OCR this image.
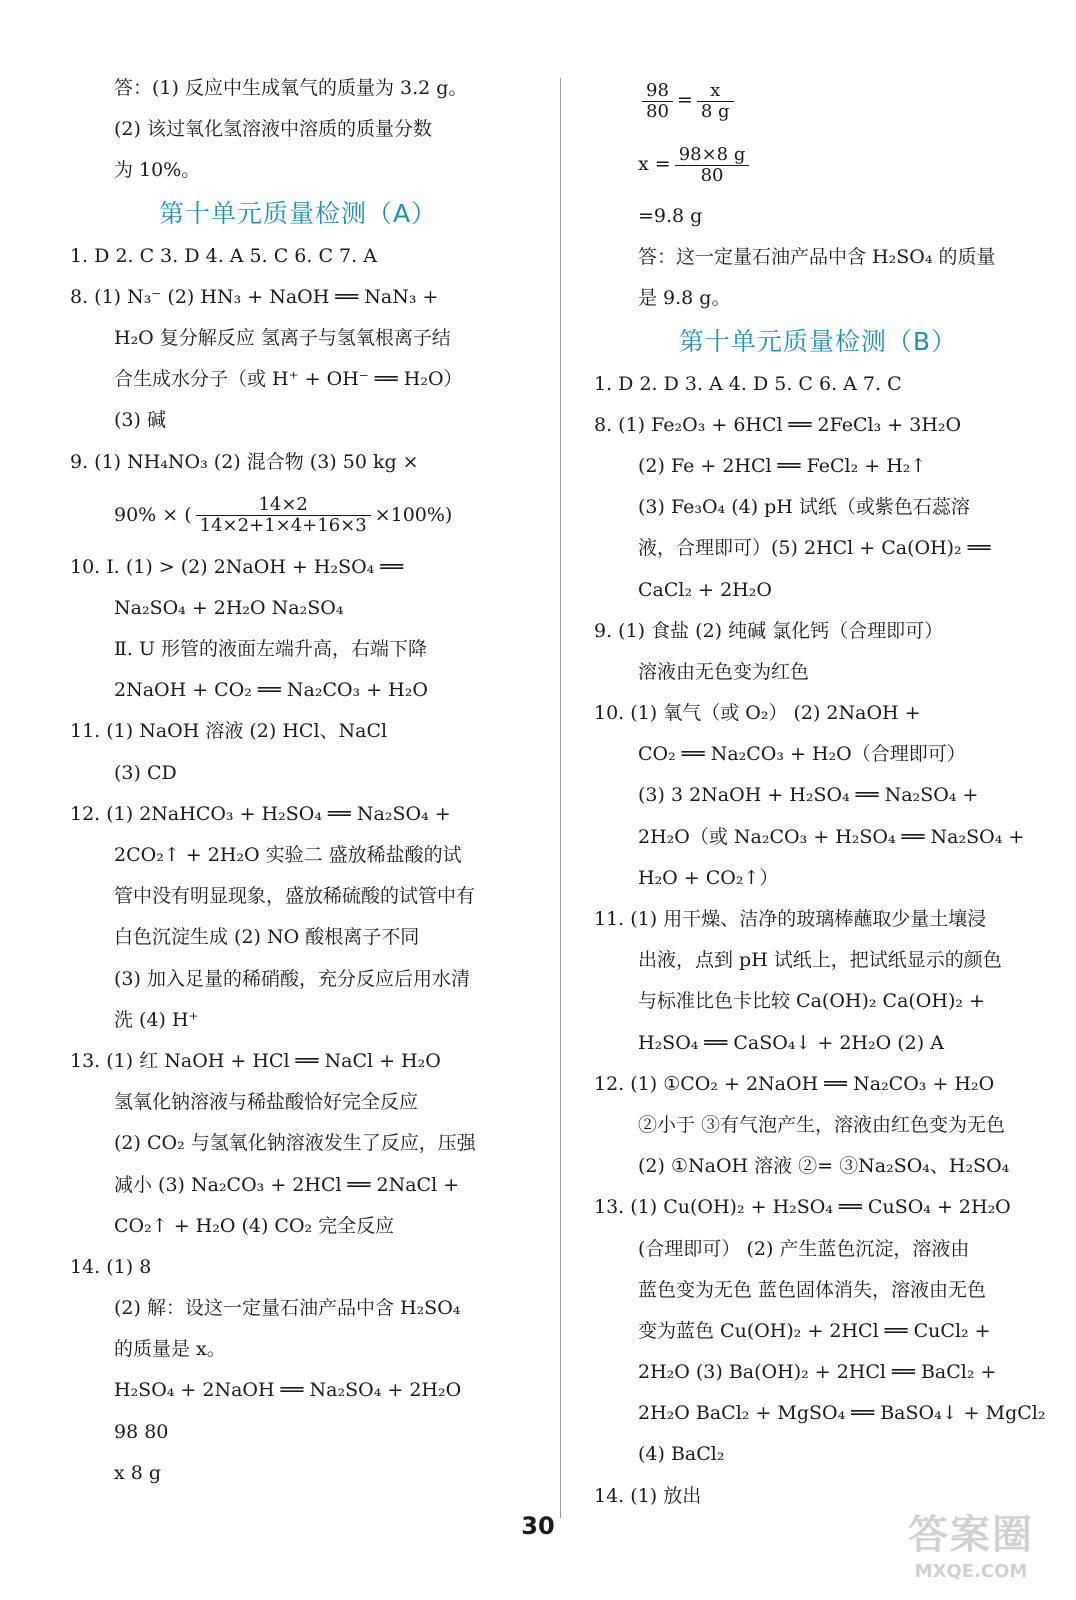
答：(1) 反应中生成氧气的质量为 3.2 g。
(2) 该过氧化氢溶液中溶质的质量分数
为 10%。
第十单元质量检测（A）
1. D 2. C 3. D 4. A 5. C 6. C 7. A
8. (1) N₃⁻ (2) HN₃ + NaOH ══ NaN₃ +
H₂O 复分解反应 氢离子与氢氧根离子结
合生成水分子（或 H⁺ + OH⁻ ══ H₂O）
(3) 碱
9. (1) NH₄NO₃ (2) 混合物 (3) 50 kg ×
90% × ( $\frac{14\times 2}{14\times 2+1\times 4+16\times 3} \times 100\%$)
10. Ⅰ. (1) > (2) 2NaOH + H₂SO₄ ══
Na₂SO₄ + 2H₂O Na₂SO₄
Ⅱ. U 形管的液面左端升高，右端下降
2NaOH + CO₂ ══ Na₂CO₃ + H₂O
11. (1) NaOH 溶液 (2) HCl、NaCl
(3) CD
12. (1) 2NaHCO₃ + H₂SO₄ ══ Na₂SO₄ +
2CO₂↑ + 2H₂O 实验二 盛放稀盐酸的试
管中没有明显现象，盛放稀硫酸的试管中有
白色沉淀生成 (2) NO 酸根离子不同
(3) 加入足量的稀硝酸，充分反应后用水清
洗 (4) H⁺
13. (1) 红 NaOH + HCl ══ NaCl + H₂O
氢氧化钠溶液与稀盐酸恰好完全反应
(2) CO₂ 与氢氧化钠溶液发生了反应，压强
减小 (3) Na₂CO₃ + 2HCl ══ 2NaCl +
CO₂↑ + H₂O (4) CO₂ 完全反应
14. (1) 8
(2) 解：设这一定量石油产品中含 H₂SO₄
的质量是 x。
H₂SO₄ + 2NaOH ══ Na₂SO₄ + 2H₂O
98 80
x 8 g
$\frac{98}{80} = \frac{x}{8 g}$
$x = \frac{98\times 8 g}{80}$
=9.8 g
答：这一定量石油产品中含 H₂SO₄ 的质量
是 9.8 g。
第十单元质量检测（B）
1. D 2. D 3. A 4. D 5. C 6. A 7. C
8. (1) Fe₂O₃ + 6HCl ══ 2FeCl₃ + 3H₂O
(2) Fe + 2HCl ══ FeCl₂ + H₂↑
(3) Fe₃O₄ (4) pH 试纸（或紫色石蕊溶
液，合理即可）(5) 2HCl + Ca(OH)₂ ══
CaCl₂ + 2H₂O
9. (1) 食盐 (2) 纯碱 氯化钙（合理即可）
溶液由无色变为红色
10. (1) 氧气（或 O₂） (2) 2NaOH +
CO₂ ══ Na₂CO₃ + H₂O（合理即可）
(3) 3 2NaOH + H₂SO₄ ══ Na₂SO₄ +
2H₂O（或 Na₂CO₃ + H₂SO₄ ══ Na₂SO₄ +
H₂O + CO₂↑）
11. (1) 用干燥、洁净的玻璃棒蘸取少量土壤浸
出液，点到 pH 试纸上，把试纸显示的颜色
与标准比色卡比较 Ca(OH)₂ Ca(OH)₂ +
H₂SO₄ ══ CaSO₄↓ + 2H₂O (2) A
12. (1) ①CO₂ + 2NaOH ══ Na₂CO₃ + H₂O
②小于 ③有气泡产生，溶液由红色变为无色
(2) ①NaOH 溶液 ②= ③Na₂SO₄、H₂SO₄
13. (1) Cu(OH)₂ + H₂SO₄ ══ CuSO₄ + 2H₂O
(合理即可） (2) 产生蓝色沉淀，溶液由
蓝色变为无色 蓝色固体消失，溶液由无色
变为蓝色 Cu(OH)₂ + 2HCl ══ CuCl₂ +
2H₂O (3) Ba(OH)₂ + 2HCl ══ BaCl₂ +
2H₂O BaCl₂ + MgSO₄ ══ BaSO₄↓ + MgCl₂
(4) BaCl₂
14. (1) 放出
30	答案圈
MXQE.COM
